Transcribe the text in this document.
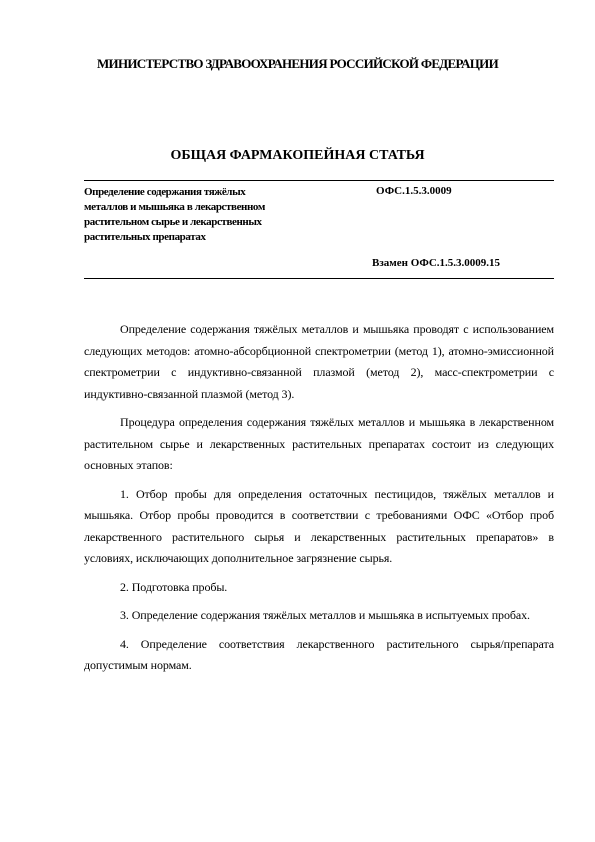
МИНИСТЕРСТВО ЗДРАВООХРАНЕНИЯ РОССИЙСКОЙ ФЕДЕРАЦИИ
ОБЩАЯ ФАРМАКОПЕЙНАЯ СТАТЬЯ
Определение содержания тяжёлых
металлов и мышьяка в лекарственном
растительном сырье и лекарственных
растительных препаратах
ОФС.1.5.3.0009
Взамен ОФС.1.5.3.0009.15

Определение содержания тяжёлых металлов и мышьяка проводят с использованием следующих методов: атомно-абсорбционной спектрометрии (метод 1), атомно-эмиссионной спектрометрии с индуктивно-связанной плазмой (метод 2), масс-спектрометрии с индуктивно-связанной плазмой (метод 3).

Процедура определения содержания тяжёлых металлов и мышьяка в лекарственном растительном сырье и лекарственных растительных препаратах состоит из следующих основных этапов:

1. Отбор пробы для определения остаточных пестицидов, тяжёлых металлов и мышьяка. Отбор пробы проводится в соответствии с требованиями ОФС «Отбор проб лекарственного растительного сырья и лекарственных растительных препаратов» в условиях, исключающих дополнительное загрязнение сырья.

2. Подготовка пробы.

3. Определение содержания тяжёлых металлов и мышьяка в испытуемых пробах.

4. Определение соответствия лекарственного растительного сырья/препарата допустимым нормам.
